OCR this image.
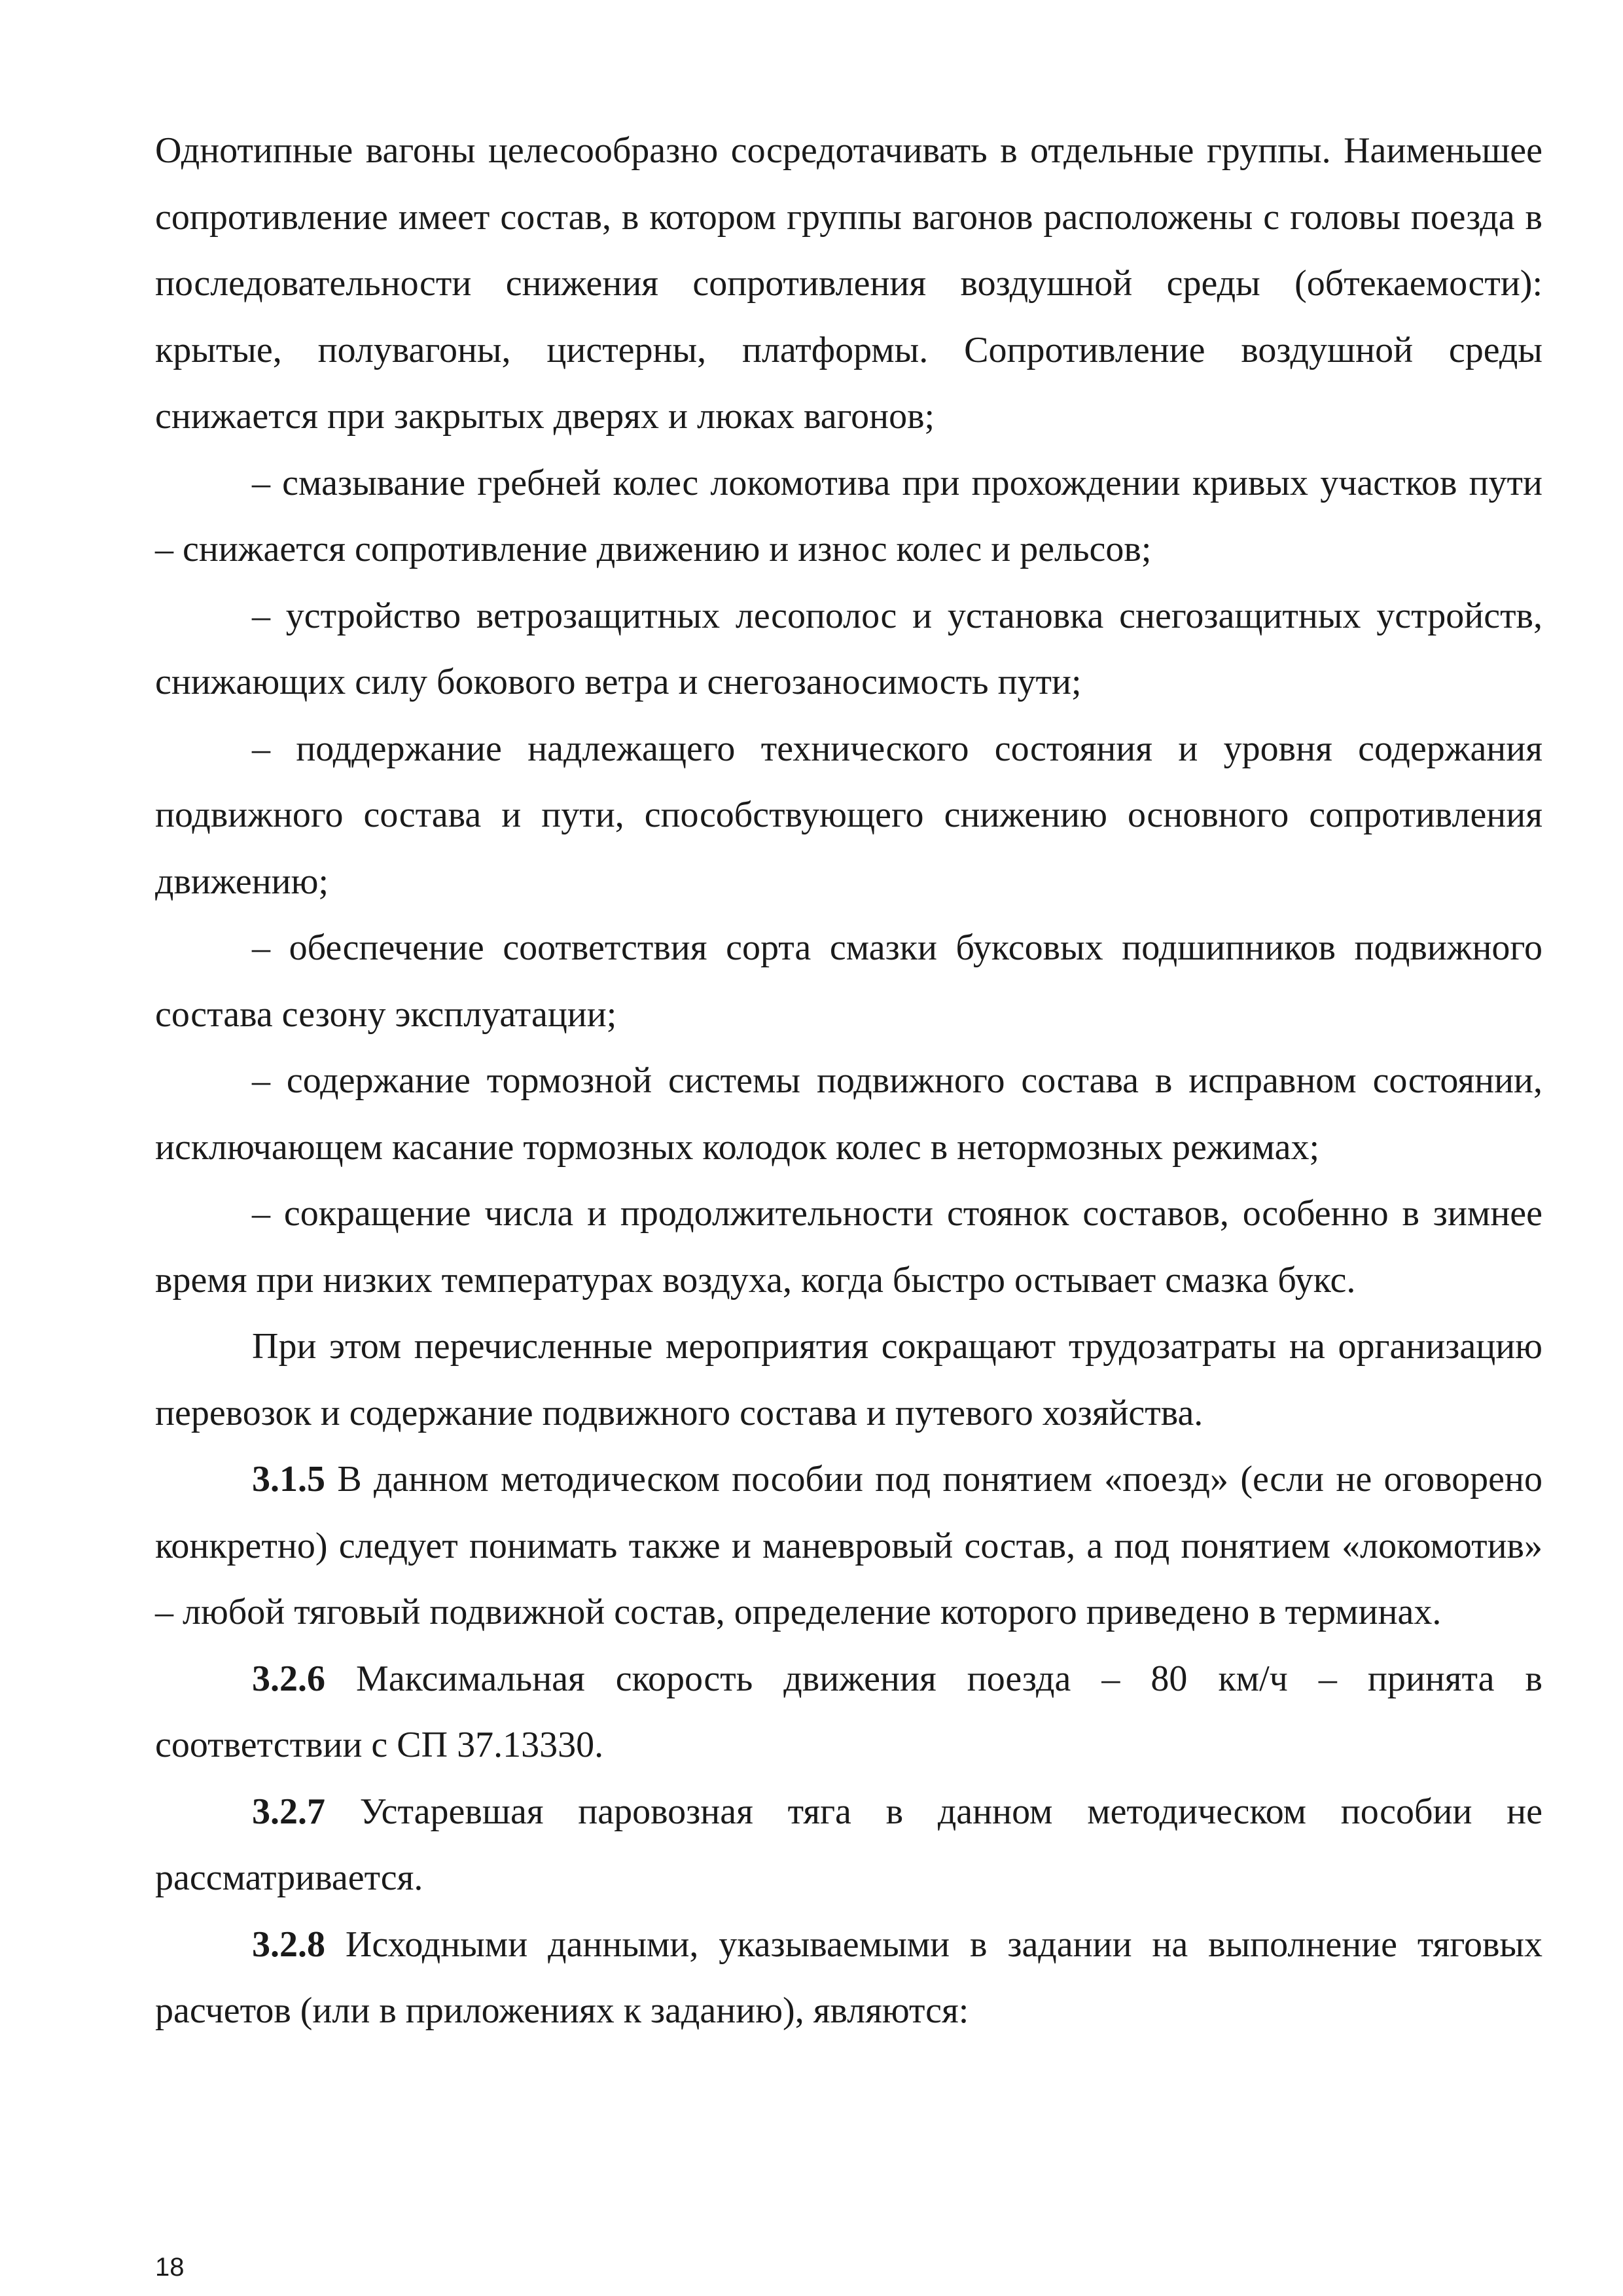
Однотипные вагоны целесообразно сосредотачивать в отдельные группы. Наименьшее сопротивление имеет состав, в котором группы вагонов расположены с головы поезда в последовательности снижения сопротивления воздушной среды (обтекаемости): крытые, полувагоны, цистерны, платформы. Сопротивление воздушной среды снижается при закрытых дверях и люках вагонов;

– смазывание гребней колес локомотива при прохождении кривых участков пути – снижается сопротивление движению и износ колес и рельсов;

– устройство ветрозащитных лесополос и установка снегозащитных устройств, снижающих силу бокового ветра и снегозаносимость пути;

– поддержание надлежащего технического состояния и уровня содержания подвижного состава и пути, способствующего снижению основного сопротивления движению;

– обеспечение соответствия сорта смазки буксовых подшипников подвижного состава сезону эксплуатации;

– содержание тормозной системы подвижного состава в исправном состоянии, исключающем касание тормозных колодок колес в нетормозных режимах;

– сокращение числа и продолжительности стоянок составов, особенно в зимнее время при низких температурах воздуха, когда быстро остывает смазка букс.

При этом перечисленные мероприятия сокращают трудозатраты на организацию перевозок и содержание подвижного состава и путевого хозяйства.

3.1.5 В данном методическом пособии под понятием «поезд» (если не оговорено конкретно) следует понимать также и маневровый состав, а под понятием «локомотив» – любой тяговый подвижной состав, определение которого приведено в терминах.

3.2.6 Максимальная скорость движения поезда – 80 км/ч – принята в соответствии с СП 37.13330.

3.2.7 Устаревшая паровозная тяга в данном методическом пособии не рассматривается.

3.2.8 Исходными данными, указываемыми в задании на выполнение тяговых расчетов (или в приложениях к заданию), являются:

18
